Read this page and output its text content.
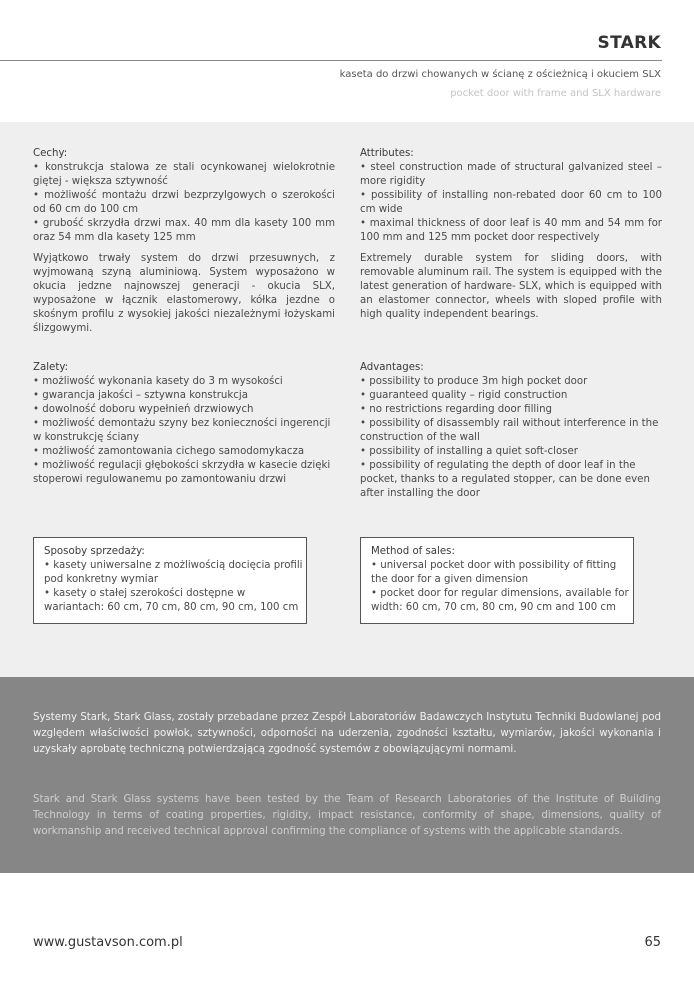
STARK
kaseta do drzwi chowanych w ścianę z ościeżnicą i okuciem SLX
pocket door with frame and SLX hardware
Cechy:
• konstrukcja stalowa ze stali ocynkowanej wielokrotnie giętej - większa sztywność
• możliwość montażu drzwi bezprzylgowych o szerokości od 60 cm do 100 cm
• grubość skrzydła drzwi max. 40 mm dla kasety 100 mm oraz 54 mm dla kasety 125 mm
Wyjątkowo trwały system do drzwi przesuwnych, z wyjmowaną szyną aluminiową. System wyposażono w okucia jedzne najnowszej generacji - okucia SLX, wyposażone w łącznik elastomerowy, kółka jezdne o skośnym profilu z wysokiej jakości niezależnymi łożyskami ślizgowymi.
Zalety:
• możliwość wykonania kasety do 3 m wysokości
• gwarancja jakości – sztywna konstrukcja
• dowolność doboru wypełnień drzwiowych
• możliwość demontażu szyny bez konieczności ingerencji w konstrukcję ściany
• możliwość zamontowania cichego samodomykacza
• możliwość regulacji głębokości skrzydła w kasecie dzięki stoperowi regulowanemu po zamontowaniu drzwi
Attributes:
• steel construction made of structural galvanized steel – more rigidity
• possibility of installing non-rebated door 60 cm to 100 cm wide
• maximal thickness of door leaf is 40 mm and 54 mm for 100 mm and 125 mm pocket door respectively
Extremely durable system for sliding doors, with removable aluminum rail. The system is equipped with the latest generation of hardware- SLX, which is equipped with an elastomer connector, wheels with sloped profile with high quality independent bearings.
Advantages:
• possibility to produce 3m high pocket door
• guaranteed quality – rigid construction
• no restrictions regarding door filling
• possibility of disassembly rail without interference in the construction of the wall
• possibility of installing a quiet soft-closer
• possibility of regulating the depth of door leaf in the pocket, thanks to a regulated stopper, can be done even after installing the door
Sposoby sprzedaży:
• kasety uniwersalne z możliwością docięcia profili pod konkretny wymiar
• kasety o stałej szerokości dostępne w wariantach: 60 cm, 70 cm, 80 cm, 90 cm, 100 cm
Method of sales:
• universal pocket door with possibility of fitting the door for a given dimension
• pocket door for regular dimensions, available for width: 60 cm, 70 cm, 80 cm, 90 cm and 100 cm
Systemy Stark, Stark Glass, zostały przebadane przez Zespół Laboratoriów Badawczych Instytutu Techniki Budowlanej pod względem właściwości powłok, sztywności, odporności na uderzenia, zgodności kształtu, wymiarów, jakości wykonania i uzyskały aprobatę techniczną potwierdzającą zgodność systemów z obowiązującymi normami.
Stark and Stark Glass systems have been tested by the Team of Research Laboratories of the Institute of Building Technology in terms of coating properties, rigidity, impact resistance, conformity of shape, dimensions, quality of workmanship and received technical approval confirming the compliance of systems with the applicable standards.
www.gustavson.com.pl	65
